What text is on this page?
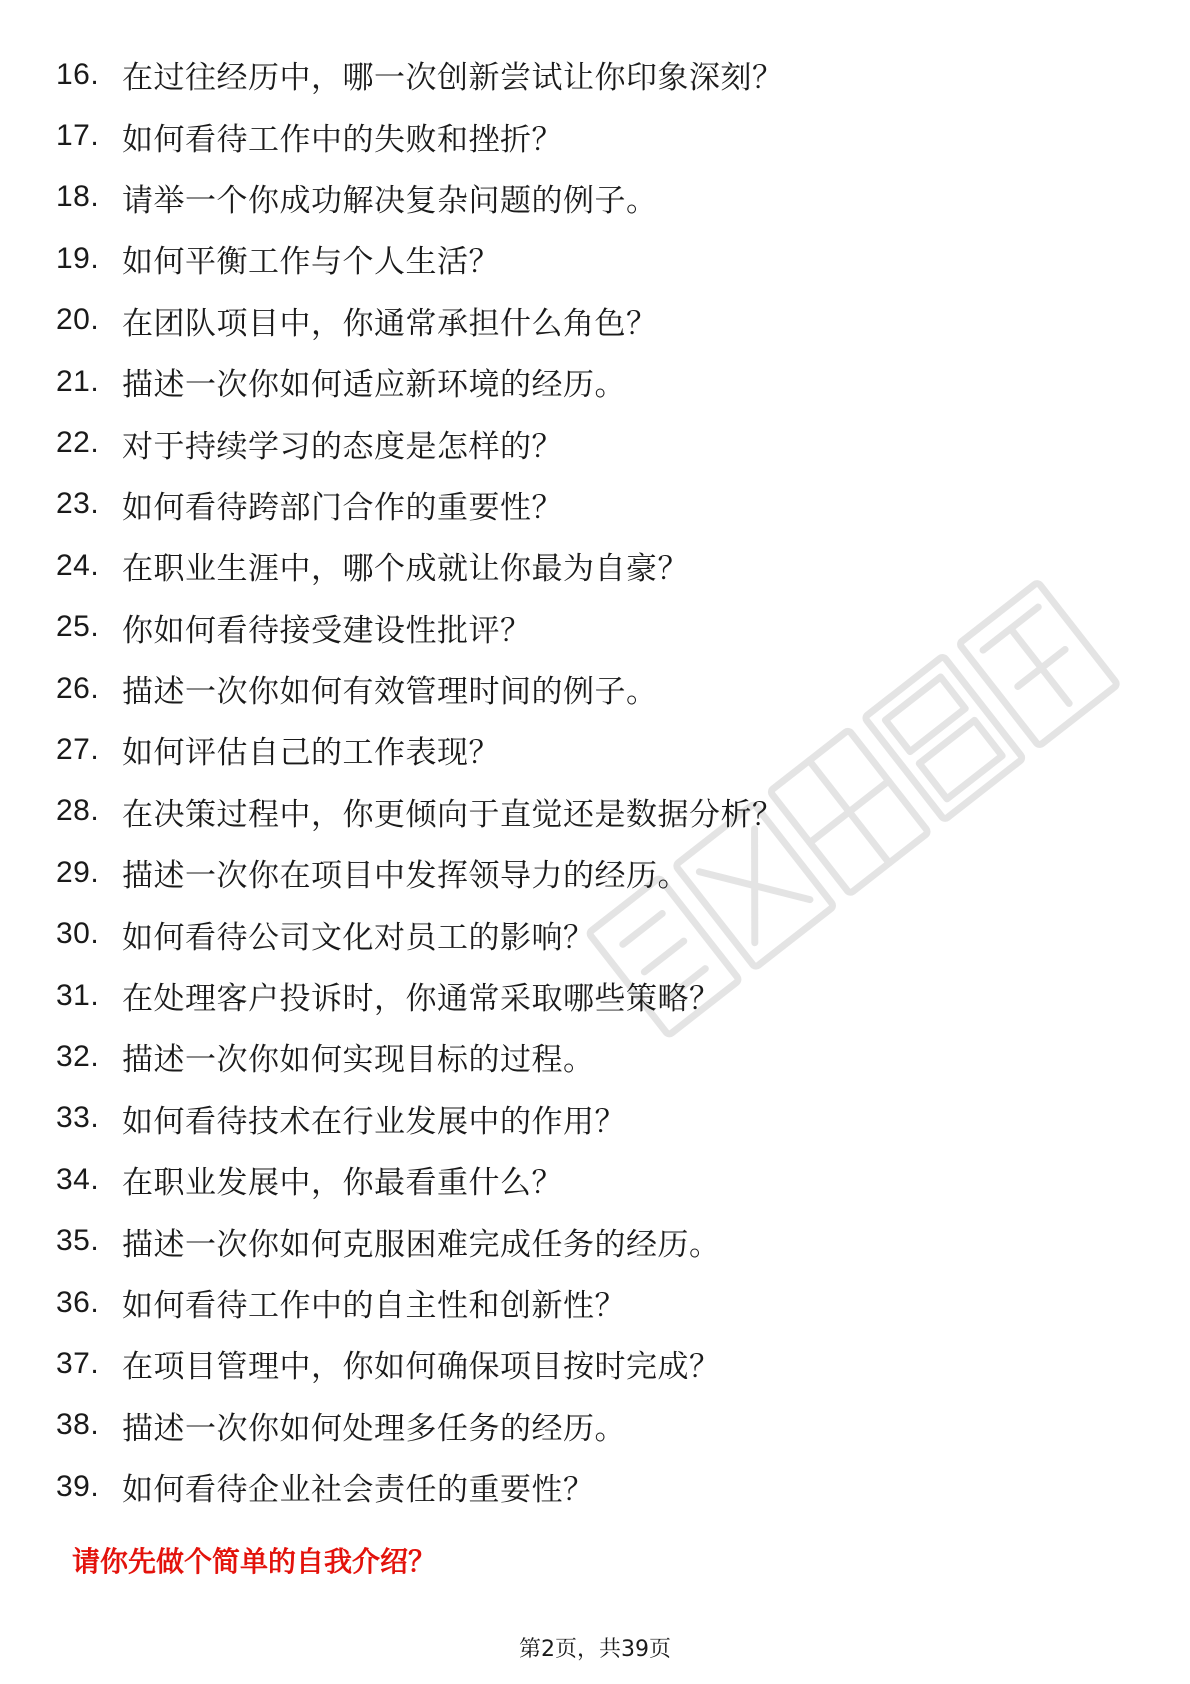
16. 在过往经历中，哪一次创新尝试让你印象深刻？
17. 如何看待工作中的失败和挫折？
18. 请举一个你成功解决复杂问题的例子。
19. 如何平衡工作与个人生活？
20. 在团队项目中，你通常承担什么角色？
21. 描述一次你如何适应新环境的经历。
22. 对于持续学习的态度是怎样的？
23. 如何看待跨部门合作的重要性？
24. 在职业生涯中，哪个成就让你最为自豪？
25. 你如何看待接受建设性批评？
26. 描述一次你如何有效管理时间的例子。
27. 如何评估自己的工作表现？
28. 在决策过程中，你更倾向于直觉还是数据分析？
29. 描述一次你在项目中发挥领导力的经历。
30. 如何看待公司文化对员工的影响？
31. 在处理客户投诉时，你通常采取哪些策略？
32. 描述一次你如何实现目标的过程。
33. 如何看待技术在行业发展中的作用？
34. 在职业发展中，你最看重什么？
35. 描述一次你如何克服困难完成任务的经历。
36. 如何看待工作中的自主性和创新性？
37. 在项目管理中，你如何确保项目按时完成？
38. 描述一次你如何处理多任务的经历。
39. 如何看待企业社会责任的重要性？
请你先做个简单的自我介绍？
第2页，共39页
